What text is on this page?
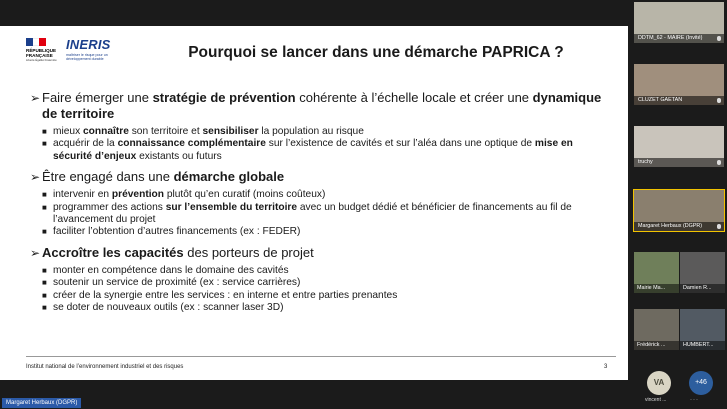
RÉPUBLIQUE FRANÇAISE
Liberté Égalité Fraternité
INERIS
maîtriser le risque pour un développement durable	Pourquoi se lancer dans une démarche PAPRICA ?
➢ Faire émerger une stratégie de prévention cohérente à l’échelle locale et créer une dynamique de territoire
■ mieux connaître son territoire et sensibiliser la population au risque
■ acquérir de la connaissance complémentaire sur l’existence de cavités et sur l’aléa dans une optique de mise en sécurité d’enjeux existants ou futurs
➢ Être engagé dans une démarche globale
■ intervenir en prévention plutôt qu’en curatif (moins coûteux)
■ programmer des actions sur l’ensemble du territoire avec un budget dédié et bénéficier de financements au fil de l’avancement du projet
■ faciliter l’obtention d’autres financements (ex : FEDER)
➢ Accroître les capacités des porteurs de projet
■ monter en compétence dans le domaine des cavités
■ soutenir un service de proximité (ex : service carrières)
■ créer de la synergie entre les services : en interne et entre parties prenantes
■ se doter de nouveaux outils (ex : scanner laser 3D)
Institut national de l’environnement industriel et des risques	3
Margaret Herbaux (DGPR)
DDTM_62 - MAIRE (Invité)
CLUZET GAETAN
truchy
Margaret Herbaux (DGPR)
Mairie Ma...	Damien R...
Frédérick ...	HUMBERT...
VA
vincent ...
+46
···
